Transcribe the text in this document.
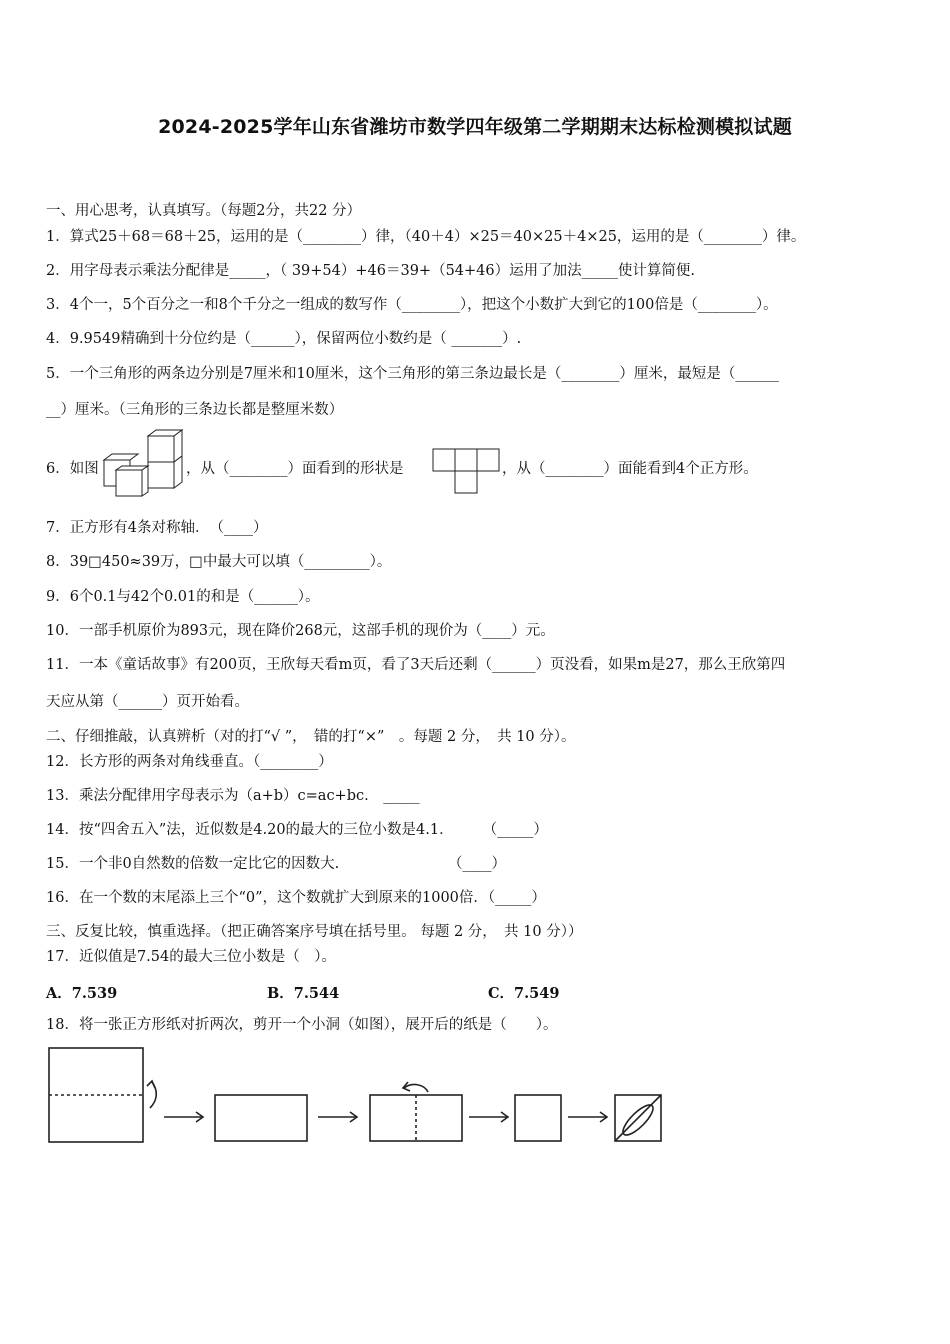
2024-2025学年山东省潍坊市数学四年级第二学期期末达标检测模拟试题
一、用心思考，认真填写。（每题2分，共22 分）
1．算式25＋68＝68＋25，运用的是（________）律，（40＋4）×25＝40×25＋4×25，运用的是（________）律。
2．用字母表示乘法分配律是_____，（ 39+54）+46＝39+（54+46）运用了加法_____使计算简便.
3．4个一，5个百分之一和8个千分之一组成的数写作（________），把这个小数扩大到它的100倍是（________）。
4．9.9549精确到十分位约是（______），保留两位小数约是（ _______）.
5．一个三角形的两条边分别是7厘米和10厘米，这个三角形的第三条边最长是（________）厘米，最短是（______
__）厘米。（三角形的三条边长都是整厘米数）
6．如图	，从（________）面看到的形状是	，从（________）面能看到4个正方形。
7．正方形有4条对称轴．　（____）
8．39□450≈39万，□中最大可以填（_________）。
9．6个0.1与42个0.01的和是（______）。
10．一部手机原价为893元，现在降价268元，这部手机的现价为（____）元。
11．一本《童话故事》有200页，王欣每天看m页，看了3天后还剩（______）页没看，如果m是27，那么王欣第四
天应从第（______）页开始看。
二、仔细推敲，认真辨析（对的打“√ ”，　错的打“×”　。每题 2 分，　共 10 分）。
12．长方形的两条对角线垂直。（________）
13．乘法分配律用字母表示为（a+b）c=ac+bc.　_____
14．按“四舍五入”法，近似数是4.20的最大的三位小数是4.1．　　　（_____）
15．一个非0自然数的倍数一定比它的因数大.　　　　　　　　（____）
16．在一个数的末尾添上三个“0”，这个数就扩大到原来的1000倍．（_____）
三、反复比较，慎重选择。（把正确答案序号填在括号里。 每题 2 分，　共 10 分））
17．近似值是7.54的最大三位小数是（　）。
A．7.539	B．7.544	C．7.549
18．将一张正方形纸对折两次，剪开一个小洞（如图），展开后的纸是（　　）。
